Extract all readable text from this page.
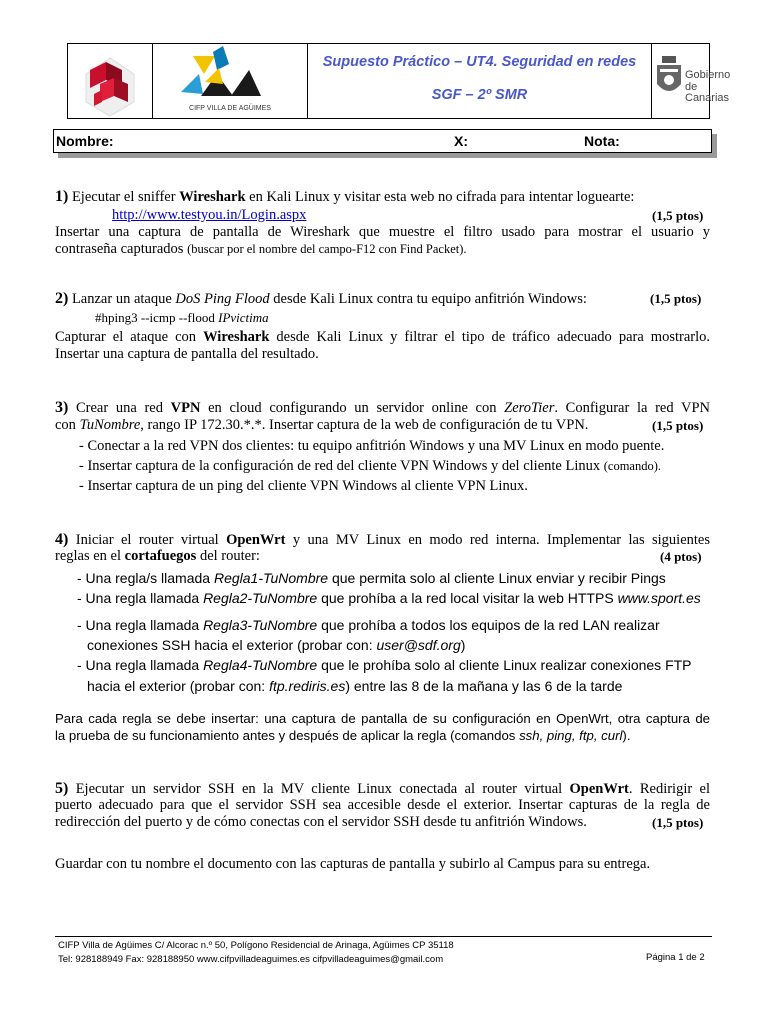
CIFP VILLA DE AGÜIMES
Supuesto Práctico – UT4. Seguridad en redes
SGF – 2º SMR
Gobierno
de Canarias
Nombre:	X:	Nota:
1) Ejecutar el sniffer Wireshark en Kali Linux y visitar esta web no cifrada para intentar loguearte:
http://www.testyou.in/Login.aspx	(1,5 ptos)
Insertar una captura de pantalla de Wireshark que muestre el filtro usado para mostrar el usuario y
contraseña capturados (buscar por el nombre del campo-F12 con Find Packet).
2) Lanzar un ataque DoS Ping Flood desde Kali Linux contra tu equipo anfitrión Windows:	(1,5 ptos)
#hping3 --icmp --flood IPvictima
Capturar el ataque con Wireshark desde Kali Linux y filtrar el tipo de tráfico adecuado para mostrarlo.
Insertar una captura de pantalla del resultado.
3) Crear una red VPN en cloud configurando un servidor online con ZeroTier. Configurar la red VPN
con TuNombre, rango IP 172.30.*.*. Insertar captura de la web de configuración de tu VPN.	(1,5 ptos)
- Conectar a la red VPN dos clientes: tu equipo anfitrión Windows y una MV Linux en modo puente.
- Insertar captura de la configuración de red del cliente VPN Windows y del cliente Linux (comando).
- Insertar captura de un ping del cliente VPN Windows al cliente VPN Linux.
4) Iniciar el router virtual OpenWrt y una MV Linux en modo red interna. Implementar las siguientes
reglas en el cortafuegos del router:	(4 ptos)
- Una regla/s llamada Regla1-TuNombre que permita solo al cliente Linux enviar y recibir Pings
- Una regla llamada Regla2-TuNombre que prohíba a la red local visitar la web HTTPS www.sport.es
- Una regla llamada Regla3-TuNombre que prohíba a todos los equipos de la red LAN realizar
conexiones SSH hacia el exterior (probar con: user@sdf.org)
- Una regla llamada Regla4-TuNombre que le prohíba solo al cliente Linux realizar conexiones FTP
hacia el exterior (probar con: ftp.rediris.es) entre las 8 de la mañana y las 6 de la tarde
Para cada regla se debe insertar: una captura de pantalla de su configuración en OpenWrt, otra captura de
la prueba de su funcionamiento antes y después de aplicar la regla (comandos ssh, ping, ftp, curl).
5) Ejecutar un servidor SSH en la MV cliente Linux conectada al router virtual OpenWrt. Redirigir el
puerto adecuado para que el servidor SSH sea accesible desde el exterior. Insertar capturas de la regla de
redirección del puerto y de cómo conectas con el servidor SSH desde tu anfitrión Windows.	(1,5 ptos)
Guardar con tu nombre el documento con las capturas de pantalla y subirlo al Campus para su entrega.
CIFP Villa de Agüimes C/ Alcorac n.º 50, Polígono Residencial de Arinaga, Agüimes CP 35118
Tel: 928188949 Fax: 928188950 www.cifpvilladeaguimes.es cifpvilladeaguimes@gmail.com	Página 1 de 2
